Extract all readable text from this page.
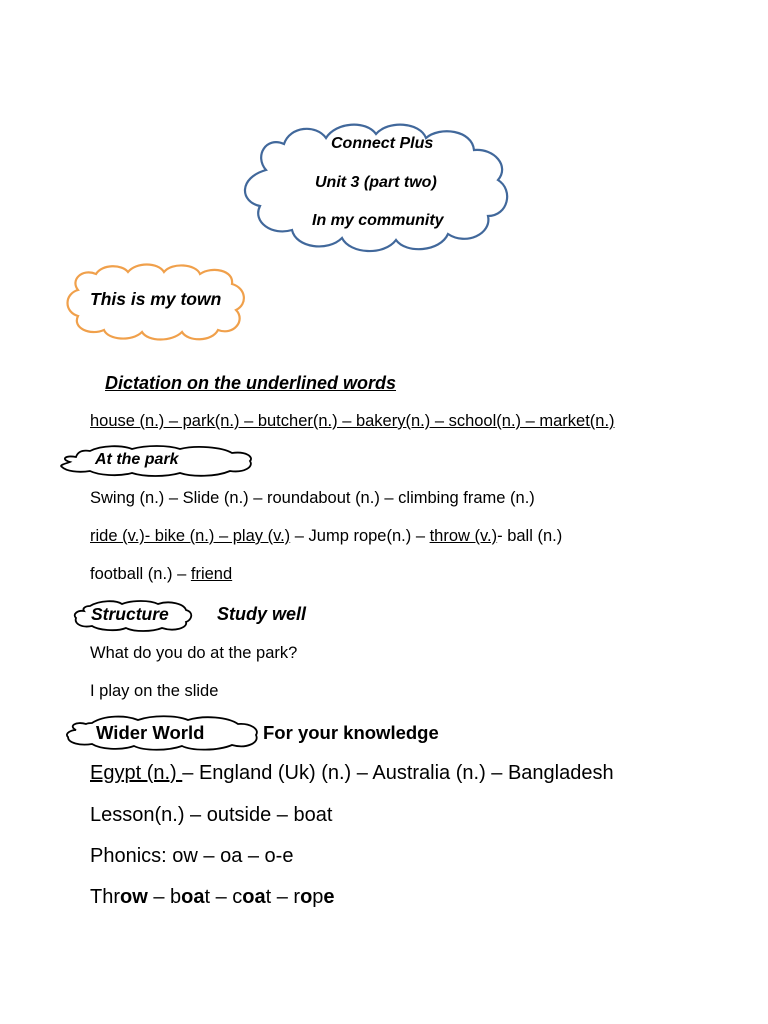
Connect Plus
Unit 3 (part two)
In my community
This is my town
Dictation on the underlined words
house (n.) – park(n.) – butcher(n.) – bakery(n.) – school(n.) – market(n.)
At the park
Swing (n.) – Slide (n.) – roundabout (n.) – climbing frame (n.)
ride (v.)- bike (n.) – play (v.) – Jump rope(n.) – throw (v.)- ball (n.)
football (n.) – friend
Structure	Study well
What do you do at the park?
I play on the slide
Wider World	For your knowledge
Egypt (n.) – England (Uk) (n.) – Australia (n.) – Bangladesh
Lesson(n.) – outside – boat
Phonics: ow – oa – o-e
Throw – boat – coat – rope
